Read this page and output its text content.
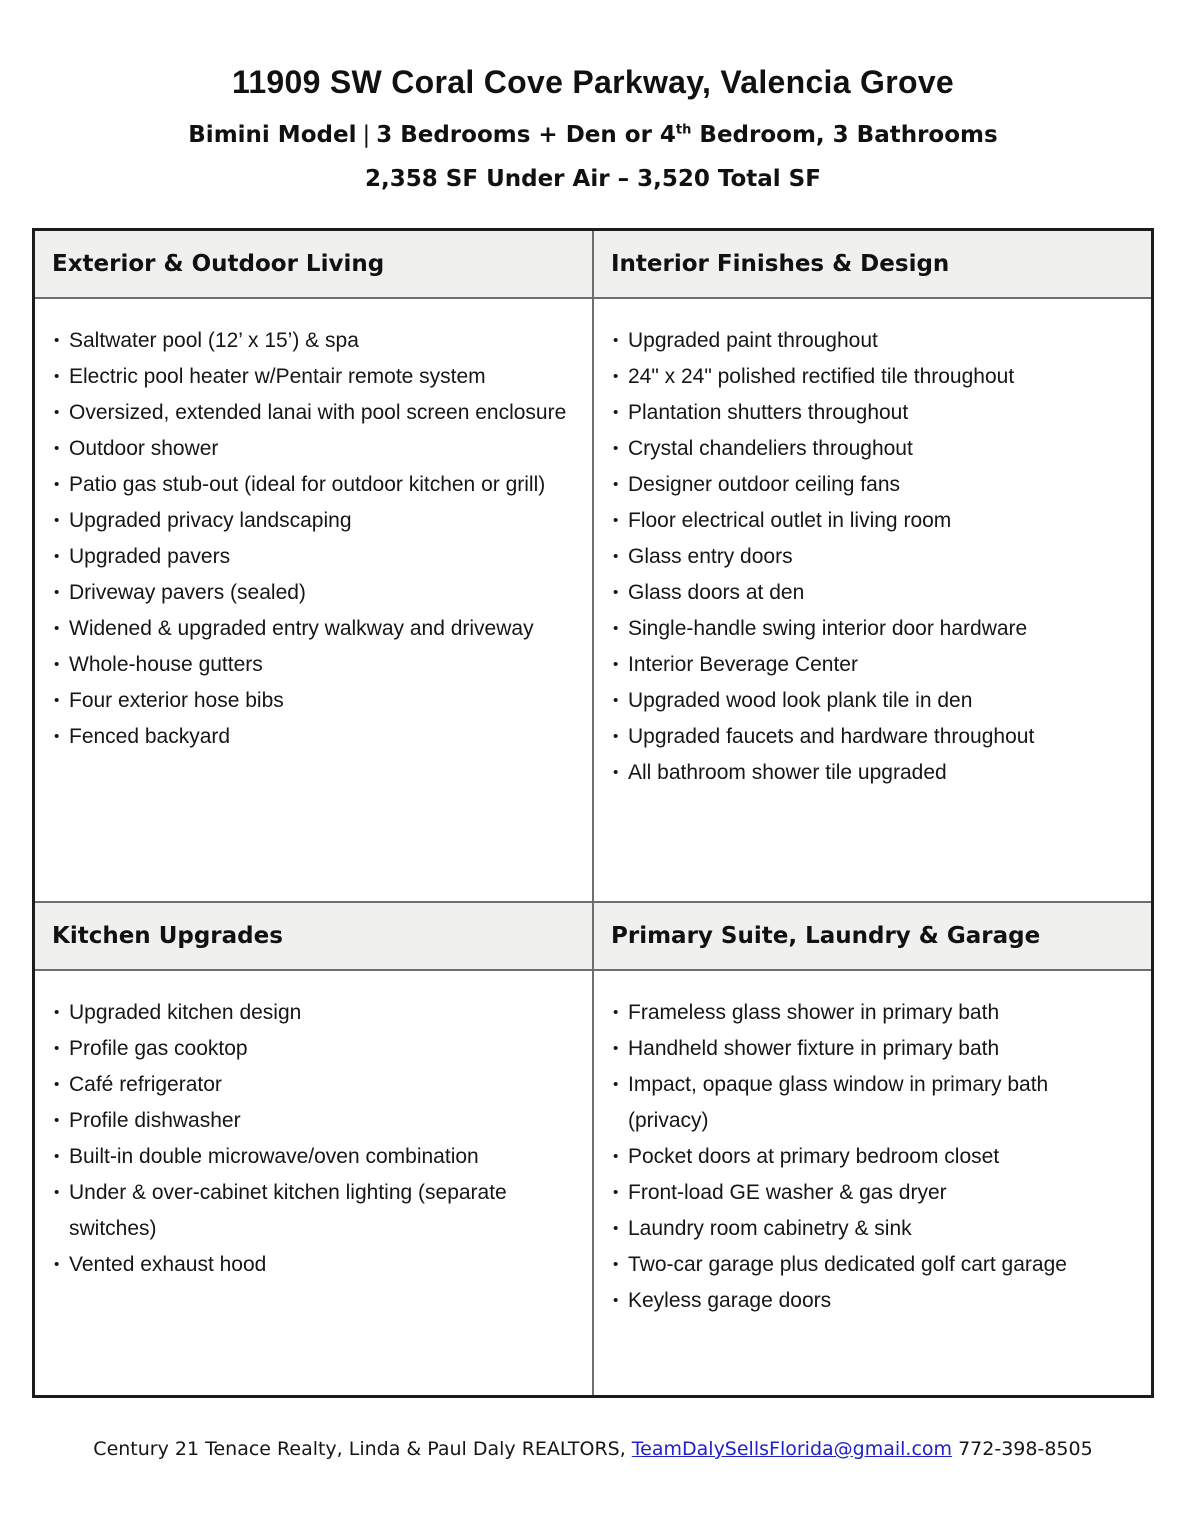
11909 SW Coral Cove Parkway, Valencia Grove

Bimini Model | 3 Bedrooms + Den or 4th Bedroom, 3 Bathrooms

2,358 SF Under Air – 3,520 Total SF

Exterior & Outdoor Living	Interior Finishes & Design

• Saltwater pool (12’ x 15’) & spa
• Electric pool heater w/Pentair remote system
• Oversized, extended lanai with pool screen enclosure
• Outdoor shower
• Patio gas stub-out (ideal for outdoor kitchen or grill)
• Upgraded privacy landscaping
• Upgraded pavers
• Driveway pavers (sealed)
• Widened & upgraded entry walkway and driveway
• Whole-house gutters
• Four exterior hose bibs
• Fenced backyard

• Upgraded paint throughout
• 24" x 24" polished rectified tile throughout
• Plantation shutters throughout
• Crystal chandeliers throughout
• Designer outdoor ceiling fans
• Floor electrical outlet in living room
• Glass entry doors
• Glass doors at den
• Single-handle swing interior door hardware
• Interior Beverage Center
• Upgraded wood look plank tile in den
• Upgraded faucets and hardware throughout
• All bathroom shower tile upgraded

Kitchen Upgrades	Primary Suite, Laundry & Garage

• Upgraded kitchen design
• Profile gas cooktop
• Café refrigerator
• Profile dishwasher
• Built-in double microwave/oven combination
• Under & over-cabinet kitchen lighting (separate switches)
• Vented exhaust hood

• Frameless glass shower in primary bath
• Handheld shower fixture in primary bath
• Impact, opaque glass window in primary bath (privacy)
• Pocket doors at primary bedroom closet
• Front-load GE washer & gas dryer
• Laundry room cabinetry & sink
• Two-car garage plus dedicated golf cart garage
• Keyless garage doors
Century 21 Tenace Realty, Linda & Paul Daly REALTORS, TeamDalySellsFlorida@gmail.com 772-398-8505
